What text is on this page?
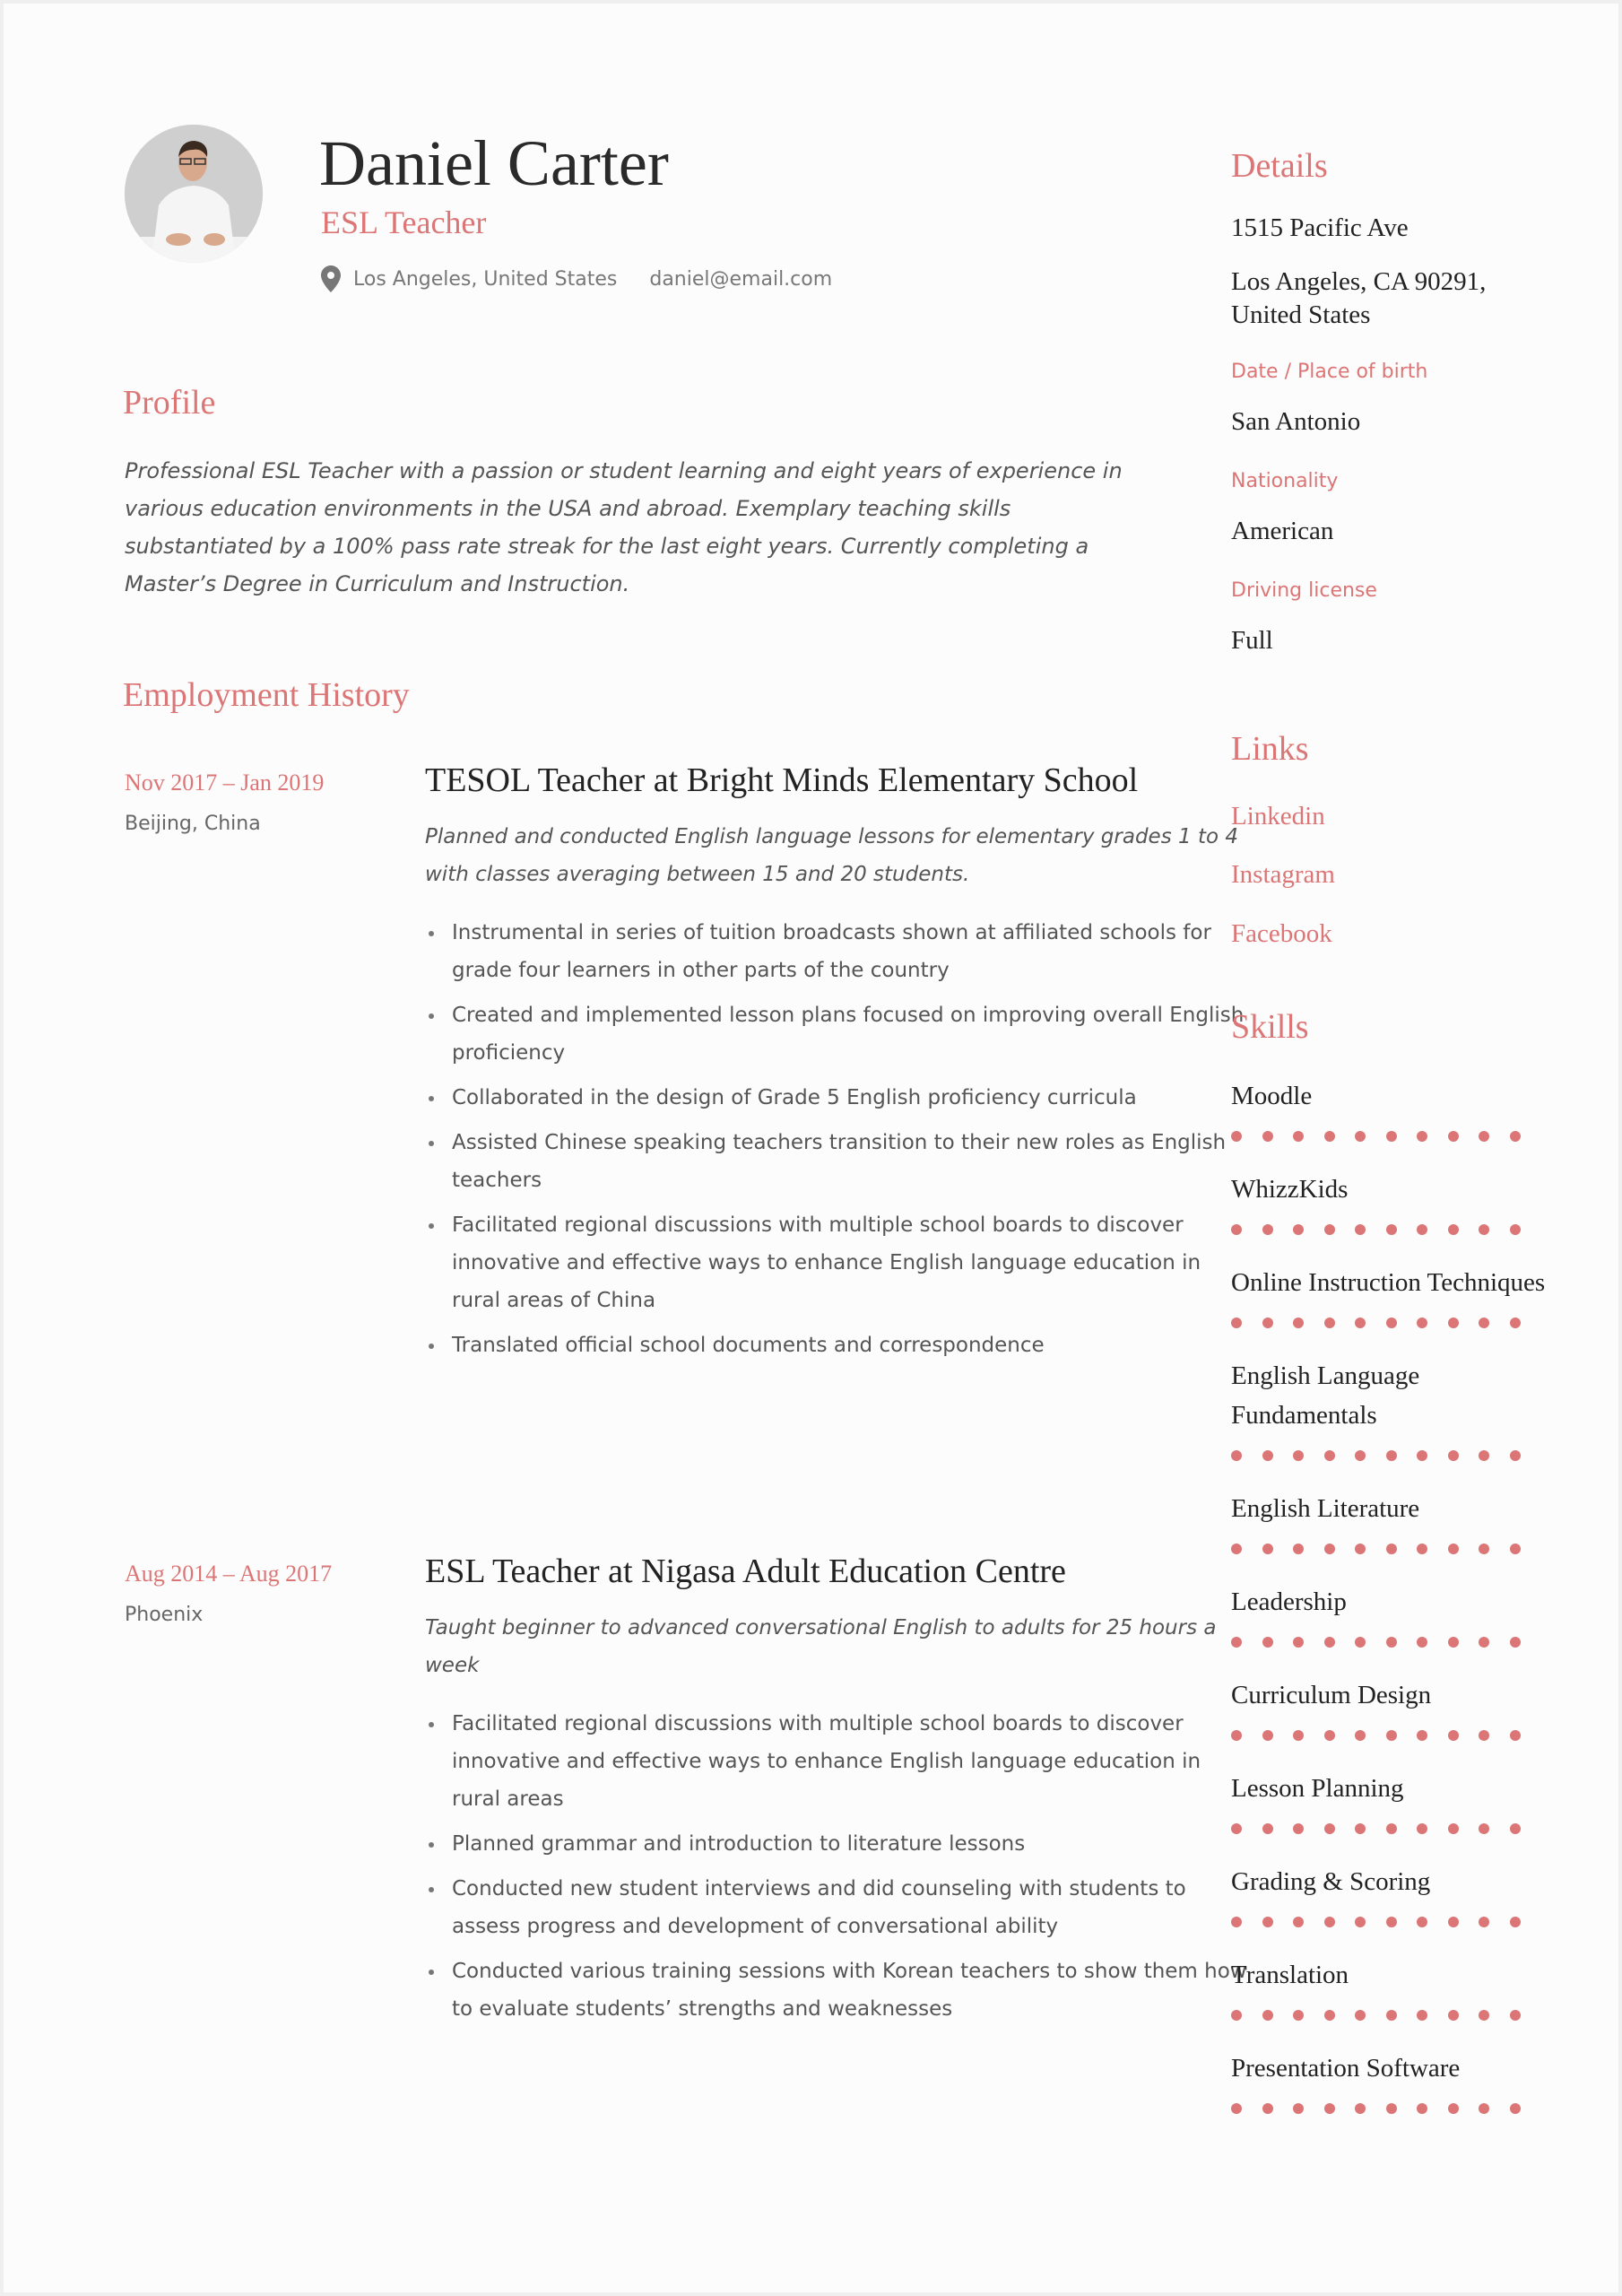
Daniel Carter
ESL Teacher
Los Angeles, United States daniel@email.com
Profile
Professional ESL Teacher with a passion or student learning and eight years of experience in various education environments in the USA and abroad. Exemplary teaching skills substantiated by a 100% pass rate streak for the last eight years. Currently completing a Master’s Degree in Curriculum and Instruction.
Employment History
Nov 2017 – Jan 2019
Beijing, China
TESOL Teacher at Bright Minds Elementary School
Planned and conducted English language lessons for elementary grades 1 to 4 with classes averaging between 15 and 20 students.
Instrumental in series of tuition broadcasts shown at affiliated schools for grade four learners in other parts of the country
Created and implemented lesson plans focused on improving overall English proficiency
Collaborated in the design of Grade 5 English proficiency curricula
Assisted Chinese speaking teachers transition to their new roles as English teachers
Facilitated regional discussions with multiple school boards to discover innovative and effective ways to enhance English language education in rural areas of China
Translated official school documents and correspondence
Aug 2014 – Aug 2017
Phoenix
ESL Teacher at Nigasa Adult Education Centre
Taught beginner to advanced conversational English to adults for 25 hours a week
Facilitated regional discussions with multiple school boards to discover innovative and effective ways to enhance English language education in rural areas
Planned grammar and introduction to literature lessons
Conducted new student interviews and did counseling with students to assess progress and development of conversational ability
Conducted various training sessions with Korean teachers to show them how to evaluate students’ strengths and weaknesses
Details
1515 Pacific Ave
Los Angeles, CA 90291, United States
Date / Place of birth
San Antonio
Nationality
American
Driving license
Full
Links
Linkedin
Instagram
Facebook
Skills
Moodle
WhizzKids
Online Instruction Techniques
English Language Fundamentals
English Literature
Leadership
Curriculum Design
Lesson Planning
Grading & Scoring
Translation
Presentation Software
